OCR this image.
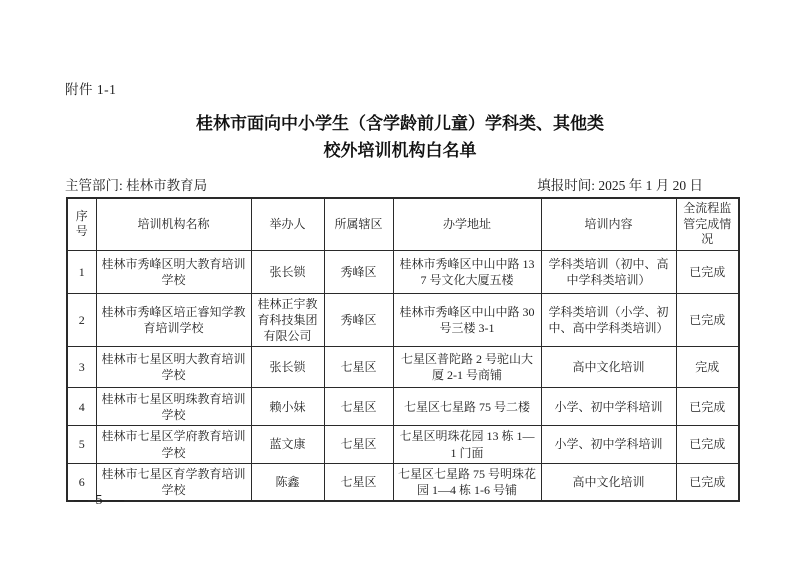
附件 1-1
桂林市面向中小学生（含学龄前儿童）学科类、其他类
校外培训机构白名单
主管部门: 桂林市教育局	填报时间: 2025 年 1 月 20 日
序号	培训机构名称	举办人	所属辖区	办学地址	培训内容	全流程监管完成情况
1	桂林市秀峰区明大教育培训学校	张长锁	秀峰区	桂林市秀峰区中山中路 137 号文化大厦五楼	学科类培训（初中、高中学科类培训）	已完成
2	桂林市秀峰区培正睿知学教育培训学校	桂林正宇教育科技集团有限公司	秀峰区	桂林市秀峰区中山中路 30 号三楼 3-1	学科类培训（小学、初中、高中学科类培训）	已完成
3	桂林市七星区明大教育培训学校	张长锁	七星区	七星区普陀路 2 号驼山大厦 2-1 号商铺	高中文化培训	完成
4	桂林市七星区明珠教育培训学校	赖小妹	七星区	七星区七星路 75 号二楼	小学、初中学科培训	已完成
5	桂林市七星区学府教育培训学校	蓝文康	七星区	七星区明珠花园 13 栋 1—1 门面	小学、初中学科培训	已完成
6	桂林市七星区育学教育培训学校	陈鑫	七星区	七星区七星路 75 号明珠花园 1—4 栋 1-6 号铺	高中文化培训	已完成
— 5 —
